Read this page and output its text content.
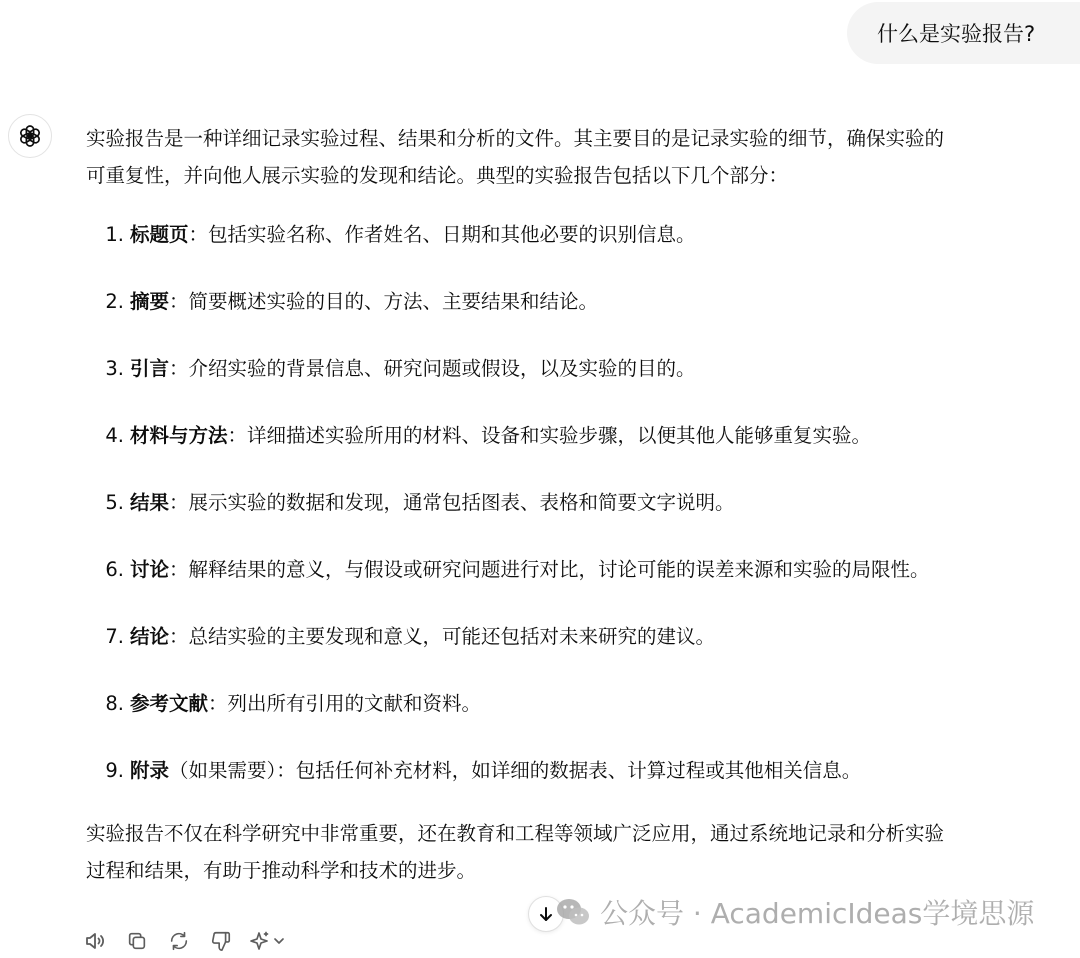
什么是实验报告?
实验报告是一种详细记录实验过程、结果和分析的文件。其主要目的是记录实验的细节，确保实验的
可重复性，并向他人展示实验的发现和结论。典型的实验报告包括以下几个部分：
1. 标题页：包括实验名称、作者姓名、日期和其他必要的识别信息。
2. 摘要：简要概述实验的目的、方法、主要结果和结论。
3. 引言：介绍实验的背景信息、研究问题或假设，以及实验的目的。
4. 材料与方法：详细描述实验所用的材料、设备和实验步骤，以便其他人能够重复实验。
5. 结果：展示实验的数据和发现，通常包括图表、表格和简要文字说明。
6. 讨论：解释结果的意义，与假设或研究问题进行对比，讨论可能的误差来源和实验的局限性。
7. 结论：总结实验的主要发现和意义，可能还包括对未来研究的建议。
8. 参考文献：列出所有引用的文献和资料。
9. 附录（如果需要）：包括任何补充材料，如详细的数据表、计算过程或其他相关信息。
实验报告不仅在科学研究中非常重要，还在教育和工程等领域广泛应用，通过系统地记录和分析实验
过程和结果，有助于推动科学和技术的进步。
公众号 · AcademicIdeas学境思源
